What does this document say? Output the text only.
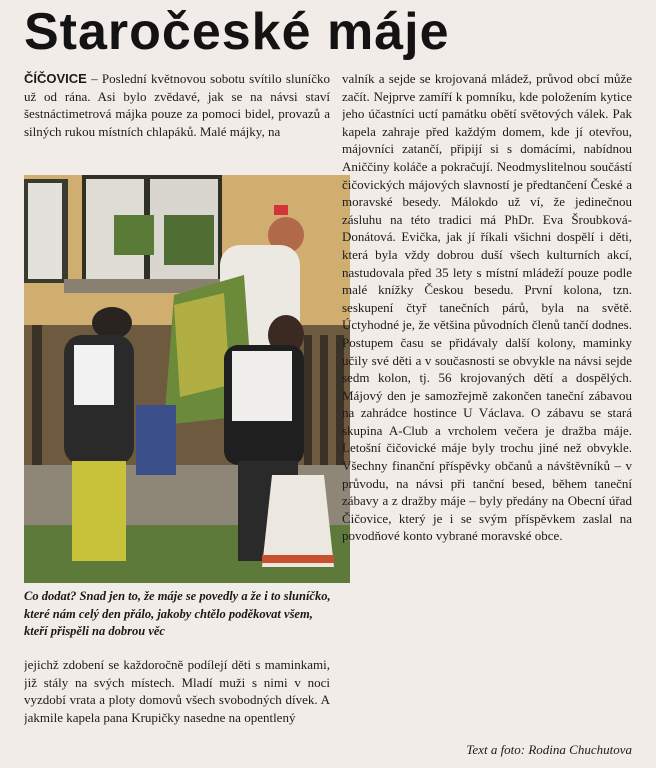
Staročeské máje

ČÍČOVICE – Poslední květnovou sobotu svítilo sluníčko už od rána. Asi bylo zvědavé, jak se na návsi staví šestnáctimetrová májka pouze za pomoci bidel, provazů a silných rukou místních chlapáků. Malé májky, na

Co dodat? Snad jen to, že máje se povedly a že i to sluníčko, které nám celý den přálo, jakoby chtělo poděkovat všem, kteří přispěli na dobrou věc

jejichž zdobení se každoročně podílejí děti s maminkami, již stály na svých místech. Mladí muži s nimi v noci vyzdobí vrata a ploty domovů všech svobodných dívek. A jakmile kapela pana Krupičky nasedne na opentlený

valník a sejde se krojovaná mládež, průvod obcí může začít. Nejprve zamíří k pomníku, kde položením kytice jeho účastníci uctí památku obětí světových válek. Pak kapela zahraje před každým domem, kde jí otevřou, májovníci zatančí, připijí si s domácími, nabídnou Aniččiny koláče a pokračují. Neodmyslitelnou součástí čičovických májových slavností je předtančení České a moravské besedy. Málokdo už ví, že jedinečnou zásluhu na této tradici má PhDr. Eva Šroubková-Donátová. Evička, jak jí říkali všichni dospělí i děti, která byla vždy dobrou duší všech kulturních akcí, nastudovala před 35 lety s místní mládeží pouze podle malé knížky Českou besedu. První kolona, tzn. seskupení čtyř tanečních párů, byla na světě. Úctyhodné je, že většina původních členů tančí dodnes. Postupem času se přidávaly další kolony, maminky učily své děti a v současnosti se obvykle na návsi sejde sedm kolon, tj. 56 krojovaných dětí a dospělých. Májový den je samozřejmě zakončen taneční zábavou na zahrádce hostince U Václava. O zábavu se stará skupina A-Club a vrcholem večera je dražba máje. Letošní čičovické máje byly trochu jiné než obvykle. Všechny finanční příspěvky občanů a návštěvníků – v průvodu, na návsi při tanční besed, během taneční zábavy a z dražby máje – byly předány na Obecní úřad Čičovice, který je i se svým příspěvkem zaslal na povodňové konto vybrané moravské obce.

Text a foto: Rodina Chuchutova
